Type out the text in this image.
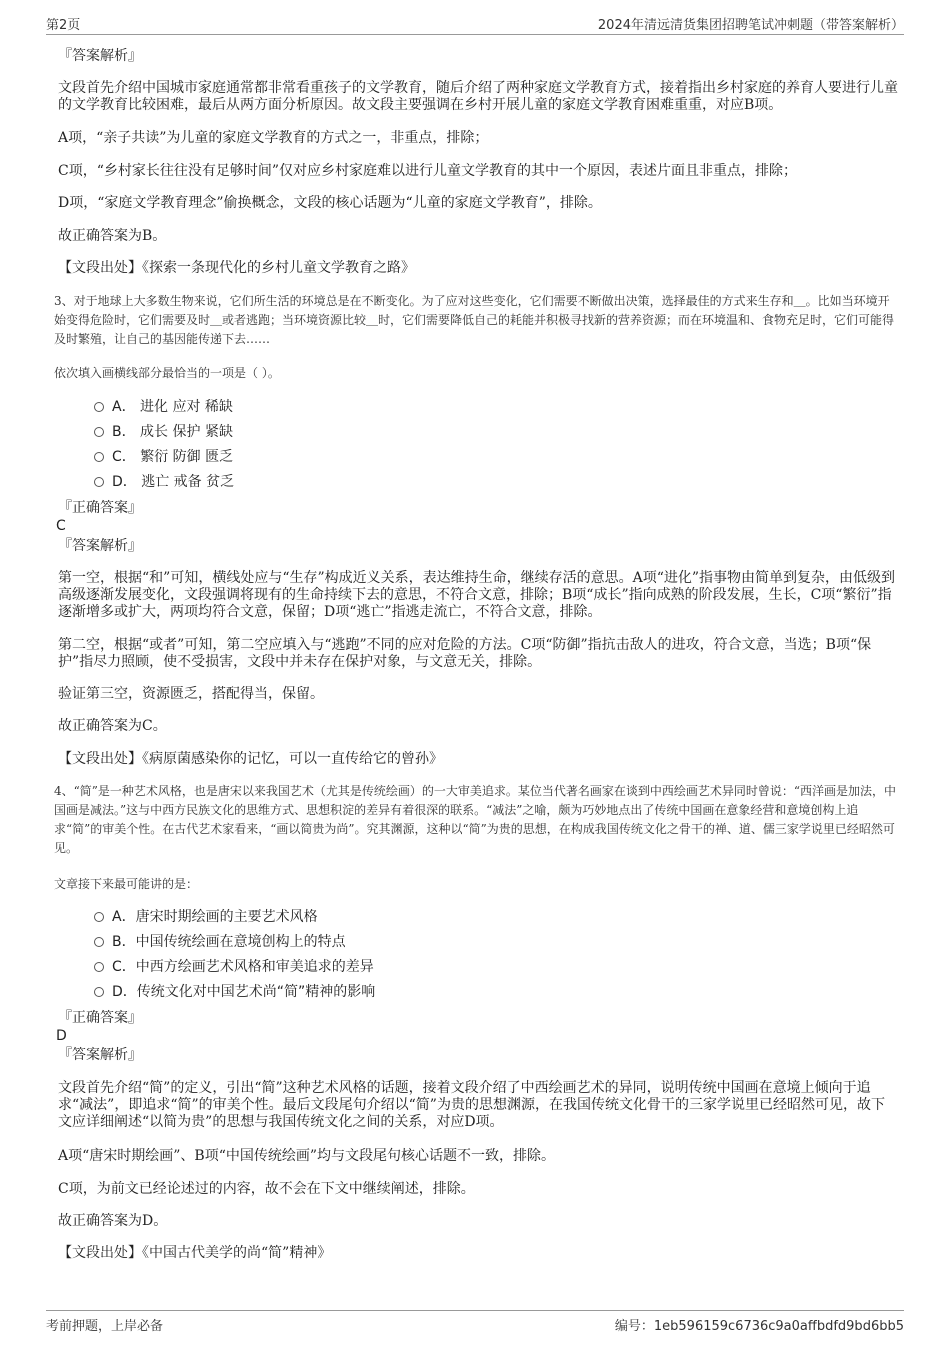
第2页	2024年清远清货集团招聘笔试冲刺题（带答案解析）
『答案解析』
文段首先介绍中国城市家庭通常都非常看重孩子的文学教育，随后介绍了两种家庭文学教育方式，接着指出乡村家庭的养育人要进行儿童的文学教育比较困难，最后从两方面分析原因。故文段主要强调在乡村开展儿童的家庭文学教育困难重重，对应B项。
A项，“亲子共读”为儿童的家庭文学教育的方式之一，非重点，排除；
C项，“乡村家长往往没有足够时间”仅对应乡村家庭难以进行儿童文学教育的其中一个原因，表述片面且非重点，排除；
D项，“家庭文学教育理念”偷换概念，文段的核心话题为“儿童的家庭文学教育”，排除。
故正确答案为B。
【文段出处】《探索一条现代化的乡村儿童文学教育之路》
3、对于地球上大多数生物来说，它们所生活的环境总是在不断变化。为了应对这些变化，它们需要不断做出决策，选择最佳的方式来生存和＿。比如当环境开始变得危险时，它们需要及时＿或者逃跑；当环境资源比较＿时，它们需要降低自己的耗能并积极寻找新的营养资源；而在环境温和、食物充足时，它们可能得及时繁殖，让自己的基因能传递下去……
依次填入画横线部分最恰当的一项是（ ）。
A． 进化 应对 稀缺
B． 成长 保护 紧缺
C． 繁衍 防御 匮乏
D． 逃亡 戒备 贫乏
『正确答案』
C
『答案解析』
第一空，根据“和”可知，横线处应与“生存”构成近义关系，表达维持生命，继续存活的意思。A项“进化”指事物由简单到复杂，由低级到高级逐渐发展变化，文段强调将现有的生命持续下去的意思，不符合文意，排除；B项“成长”指向成熟的阶段发展，生长，C项“繁衍”指逐渐增多或扩大，两项均符合文意，保留；D项“逃亡”指逃走流亡，不符合文意，排除。
第二空，根据“或者”可知，第二空应填入与“逃跑”不同的应对危险的方法。C项“防御”指抗击敌人的进攻，符合文意，当选；B项“保护”指尽力照顾，使不受损害，文段中并未存在保护对象，与文意无关，排除。
验证第三空，资源匮乏，搭配得当，保留。
故正确答案为C。
【文段出处】《病原菌感染你的记忆，可以一直传给它的曾孙》
4、“简”是一种艺术风格，也是唐宋以来我国艺术（尤其是传统绘画）的一大审美追求。某位当代著名画家在谈到中西绘画艺术异同时曾说：“西洋画是加法，中国画是减法。”这与中西方民族文化的思维方式、思想积淀的差异有着很深的联系。“减法”之喻，颇为巧妙地点出了传统中国画在意象经营和意境创构上追求“简”的审美个性。在古代艺术家看来，“画以简贵为尚”。究其渊源，这种以“简”为贵的思想，在构成我国传统文化之骨干的禅、道、儒三家学说里已经昭然可见。
文章接下来最可能讲的是：
A．唐宋时期绘画的主要艺术风格
B．中国传统绘画在意境创构上的特点
C．中西方绘画艺术风格和审美追求的差异
D．传统文化对中国艺术尚“简”精神的影响
『正确答案』
D
『答案解析』
文段首先介绍“简”的定义，引出“简”这种艺术风格的话题，接着文段介绍了中西绘画艺术的异同，说明传统中国画在意境上倾向于追求“减法”，即追求“简”的审美个性。最后文段尾句介绍以“简”为贵的思想渊源，在我国传统文化骨干的三家学说里已经昭然可见，故下文应详细阐述“以简为贵”的思想与我国传统文化之间的关系，对应D项。
A项“唐宋时期绘画”、B项“中国传统绘画”均与文段尾句核心话题不一致，排除。
C项，为前文已经论述过的内容，故不会在下文中继续阐述，排除。
故正确答案为D。
【文段出处】《中国古代美学的尚“简”精神》
考前押题，上岸必备	编号：1eb596159c6736c9a0affbdfd9bd6bb5
